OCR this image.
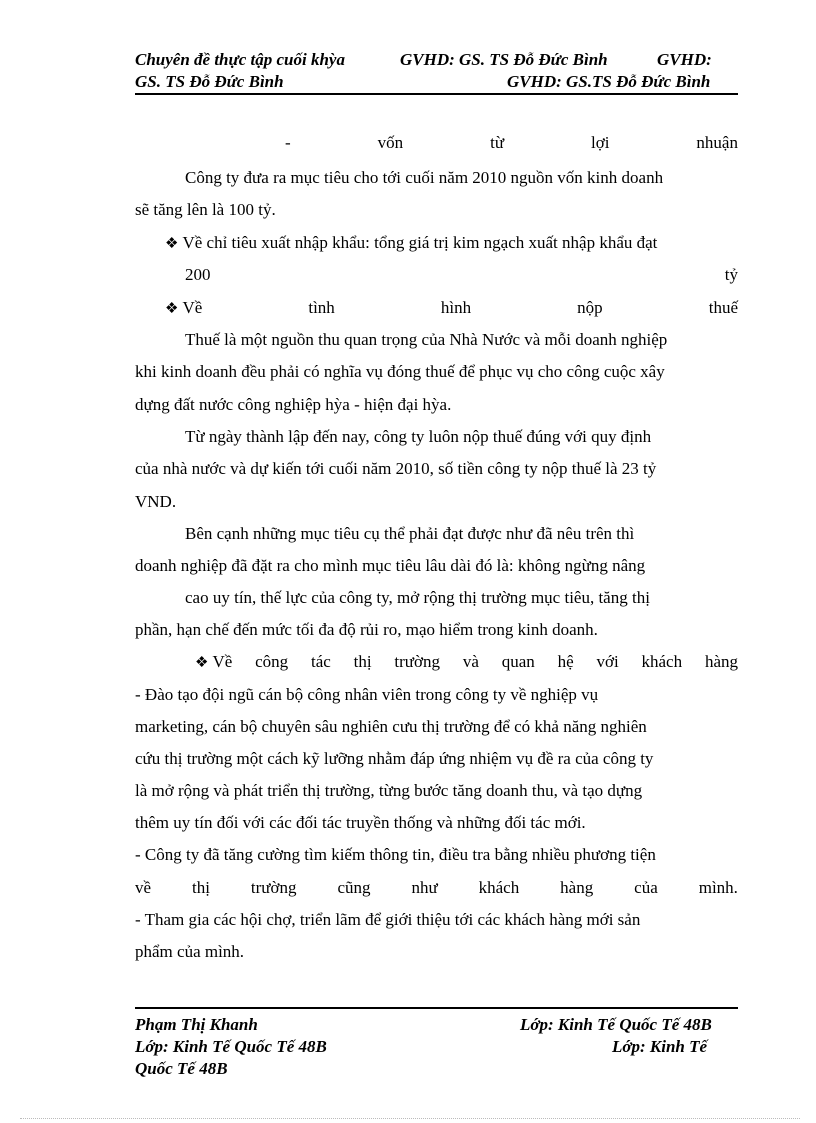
Chuyên đề thực tập cuối khỳa	GVHD: GS. TS Đỗ Đức Bình	GVHD:
GS. TS Đỗ Đức Bình	GVHD: GS.TS Đỗ Đức Bình
-	vốn	từ	lợi	nhuận
Công ty đưa ra mục tiêu cho tới cuối năm 2010 nguồn vốn kinh doanh
sẽ tăng lên là 100 tỷ.
❖ Về chỉ tiêu xuất nhập khẩu: tổng giá trị kim ngạch xuất nhập khẩu đạt
200	tỷ
❖ Về	tình	hình	nộp	thuế
Thuế là một nguồn thu quan trọng của Nhà Nước và mỗi doanh nghiệp
khi kinh doanh đều phải có nghĩa vụ đóng thuế để phục vụ cho công cuộc xây
dựng đất nước công nghiệp hỳa - hiện đại hỳa.
Từ ngày thành lập đến nay, công ty luôn nộp thuế đúng với quy định
của nhà nước và dự kiến tới cuối năm 2010, số tiền công ty nộp thuế là 23 tỷ
VND.
Bên cạnh những mục tiêu cụ thể phải đạt được như đã nêu trên thì
doanh nghiệp đã đặt ra cho mình mục tiêu lâu dài đó là: không ngừng nâng
cao uy tín, thế lực của công ty, mở rộng thị trường mục tiêu, tăng thị
phần, hạn chế đến mức tối đa độ rủi ro, mạo hiểm trong kinh doanh.
❖ Về công tác thị trường và quan hệ với khách hàng
- Đào tạo đội ngũ cán bộ công nhân viên trong công ty về nghiệp vụ
marketing, cán bộ chuyên sâu nghiên cưu thị trường để có khả năng nghiên
cứu thị trường một cách kỹ lưỡng nhằm đáp ứng nhiệm vụ đề ra của công ty
là mở rộng và phát triển thị trường, từng bước tăng doanh thu, và tạo dựng
thêm uy tín đối với các đối tác truyền thống và những đối tác mới.
- Công ty đã tăng cường tìm kiếm thông tin, điều tra bằng nhiều phương tiện
về thị trường cũng như khách hàng của mình.
- Tham gia các hội chợ, triển lãm để giới thiệu tới các khách hàng mới sản
phẩm của mình.
Phạm Thị Khanh	Lớp: Kinh Tế Quốc Tế 48B
Lớp: Kinh Tế Quốc Tế 48B	Lớp: Kinh Tế
Quốc Tế 48B
